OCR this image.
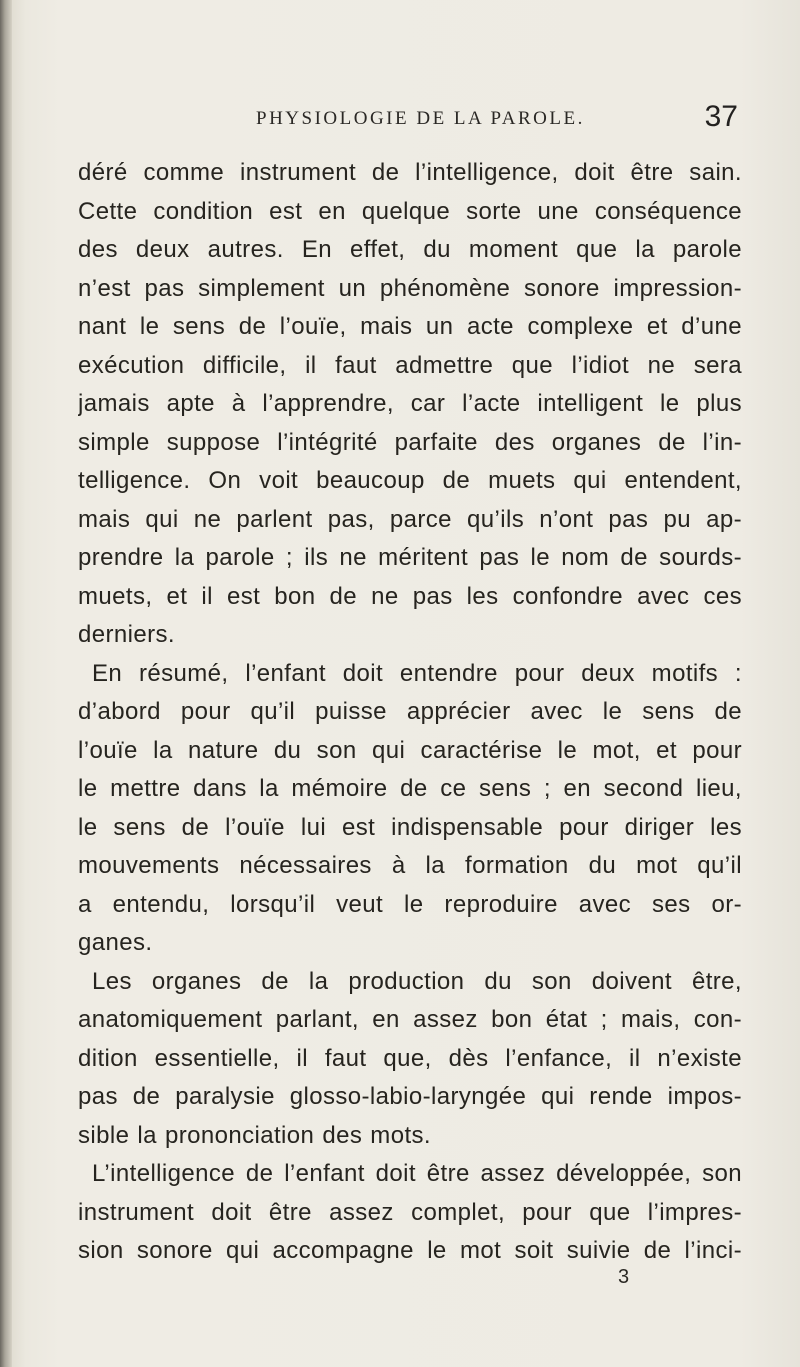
PHYSIOLOGIE DE LA PAROLE.	37
déré comme instrument de l’intelligence, doit être sain.
Cette condition est en quelque sorte une conséquence
des deux autres. En effet, du moment que la parole
n’est pas simplement un phénomène sonore impression-
nant le sens de l’ouïe, mais un acte complexe et d’une
exécution difficile, il faut admettre que l’idiot ne sera
jamais apte à l’apprendre, car l’acte intelligent le plus
simple suppose l’intégrité parfaite des organes de l’in-
telligence. On voit beaucoup de muets qui entendent,
mais qui ne parlent pas, parce qu’ils n’ont pas pu ap-
prendre la parole ; ils ne méritent pas le nom de sourds-
muets, et il est bon de ne pas les confondre avec ces
derniers.
En résumé, l’enfant doit entendre pour deux motifs :
d’abord pour qu’il puisse apprécier avec le sens de
l’ouïe la nature du son qui caractérise le mot, et pour
le mettre dans la mémoire de ce sens ; en second lieu,
le sens de l’ouïe lui est indispensable pour diriger les
mouvements nécessaires à la formation du mot qu’il
a entendu, lorsqu’il veut le reproduire avec ses or-
ganes.
Les organes de la production du son doivent être,
anatomiquement parlant, en assez bon état ; mais, con-
dition essentielle, il faut que, dès l’enfance, il n’existe
pas de paralysie glosso-labio-laryngée qui rende impos-
sible la prononciation des mots.
L’intelligence de l’enfant doit être assez développée, son
instrument doit être assez complet, pour que l’impres-
sion sonore qui accompagne le mot soit suivie de l’inci-
3
